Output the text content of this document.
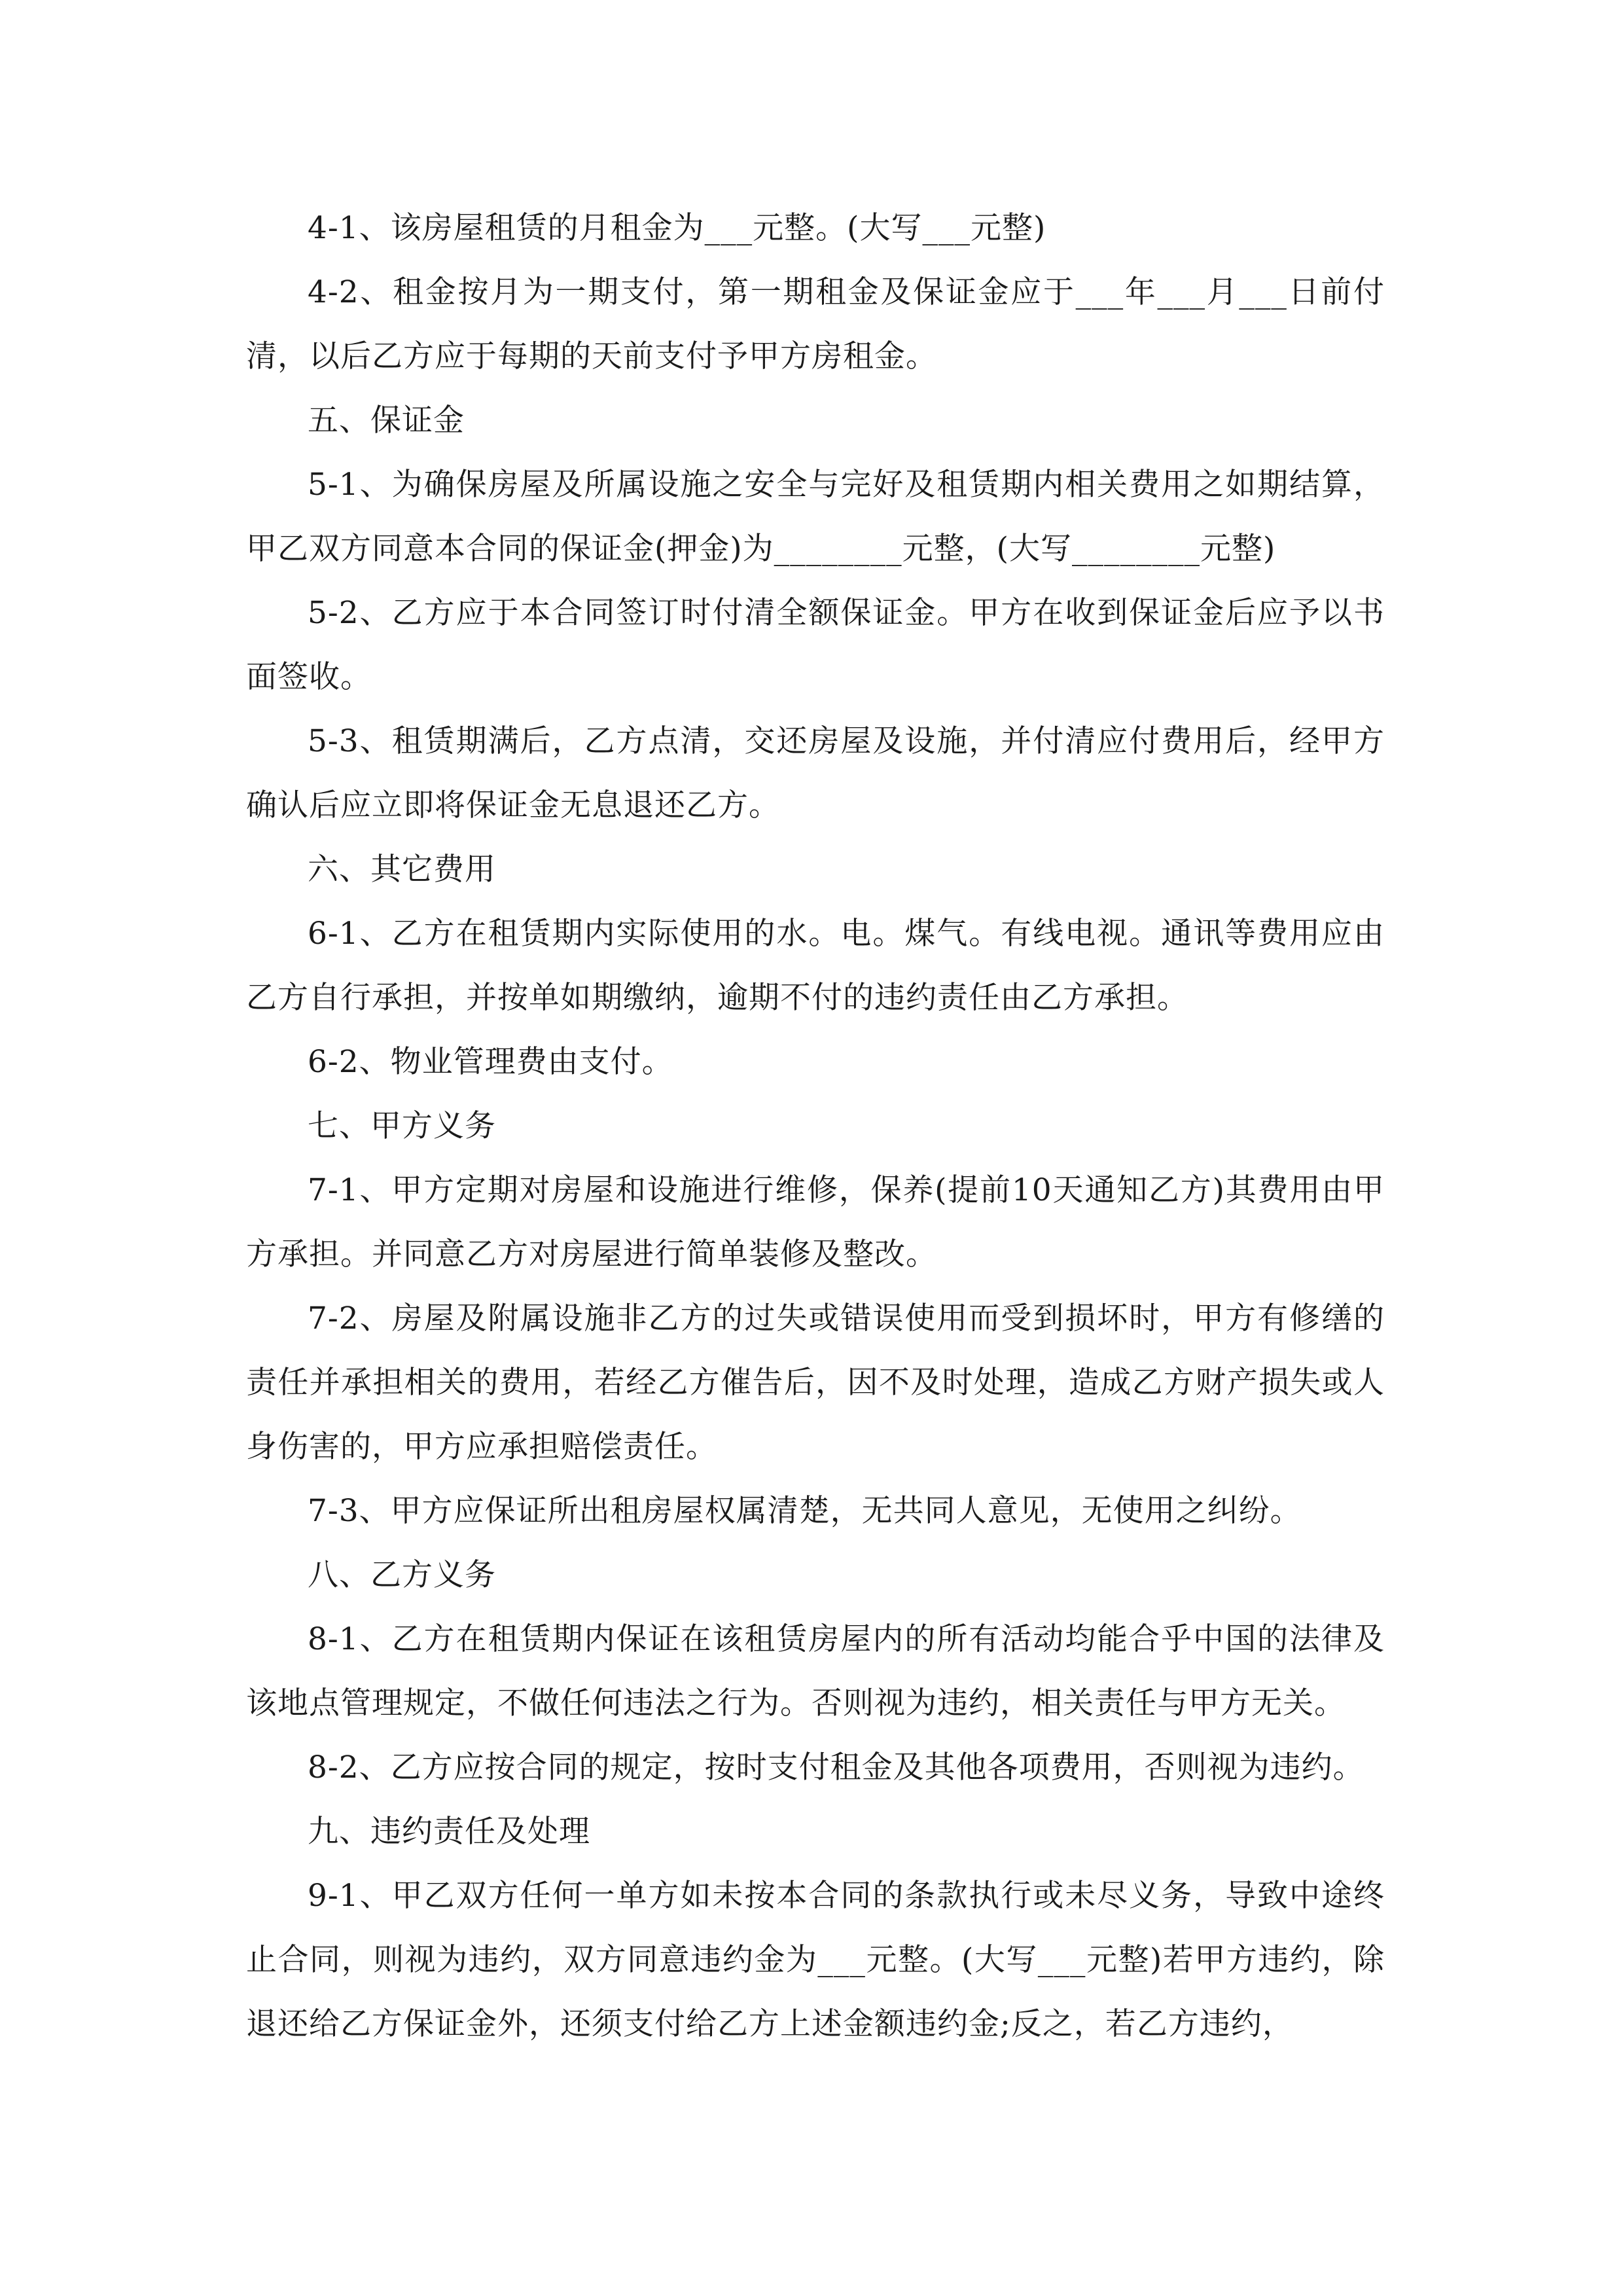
4-1、该房屋租赁的月租金为___元整。(大写___元整)

4-2、租金按月为一期支付，第一期租金及保证金应于___年___月___日前付清，以后乙方应于每期的天前支付予甲方房租金。

五、保证金

5-1、为确保房屋及所属设施之安全与完好及租赁期内相关费用之如期结算，甲乙双方同意本合同的保证金(押金)为________元整，(大写________元整)

5-2、乙方应于本合同签订时付清全额保证金。甲方在收到保证金后应予以书面签收。

5-3、租赁期满后，乙方点清，交还房屋及设施，并付清应付费用后，经甲方确认后应立即将保证金无息退还乙方。

六、其它费用

6-1、乙方在租赁期内实际使用的水。电。煤气。有线电视。通讯等费用应由乙方自行承担，并按单如期缴纳，逾期不付的违约责任由乙方承担。

6-2、物业管理费由支付。

七、甲方义务

7-1、甲方定期对房屋和设施进行维修，保养(提前10天通知乙方)其费用由甲方承担。并同意乙方对房屋进行简单装修及整改。

7-2、房屋及附属设施非乙方的过失或错误使用而受到损坏时，甲方有修缮的责任并承担相关的费用，若经乙方催告后，因不及时处理，造成乙方财产损失或人身伤害的，甲方应承担赔偿责任。

7-3、甲方应保证所出租房屋权属清楚，无共同人意见，无使用之纠纷。

八、乙方义务

8-1、乙方在租赁期内保证在该租赁房屋内的所有活动均能合乎中国的法律及该地点管理规定，不做任何违法之行为。否则视为违约，相关责任与甲方无关。

8-2、乙方应按合同的规定，按时支付租金及其他各项费用，否则视为违约。

九、违约责任及处理

9-1、甲乙双方任何一单方如未按本合同的条款执行或未尽义务，导致中途终止合同，则视为违约，双方同意违约金为___元整。(大写___元整)若甲方违约，除退还给乙方保证金外，还须支付给乙方上述金额违约金;反之，若乙方违约，
